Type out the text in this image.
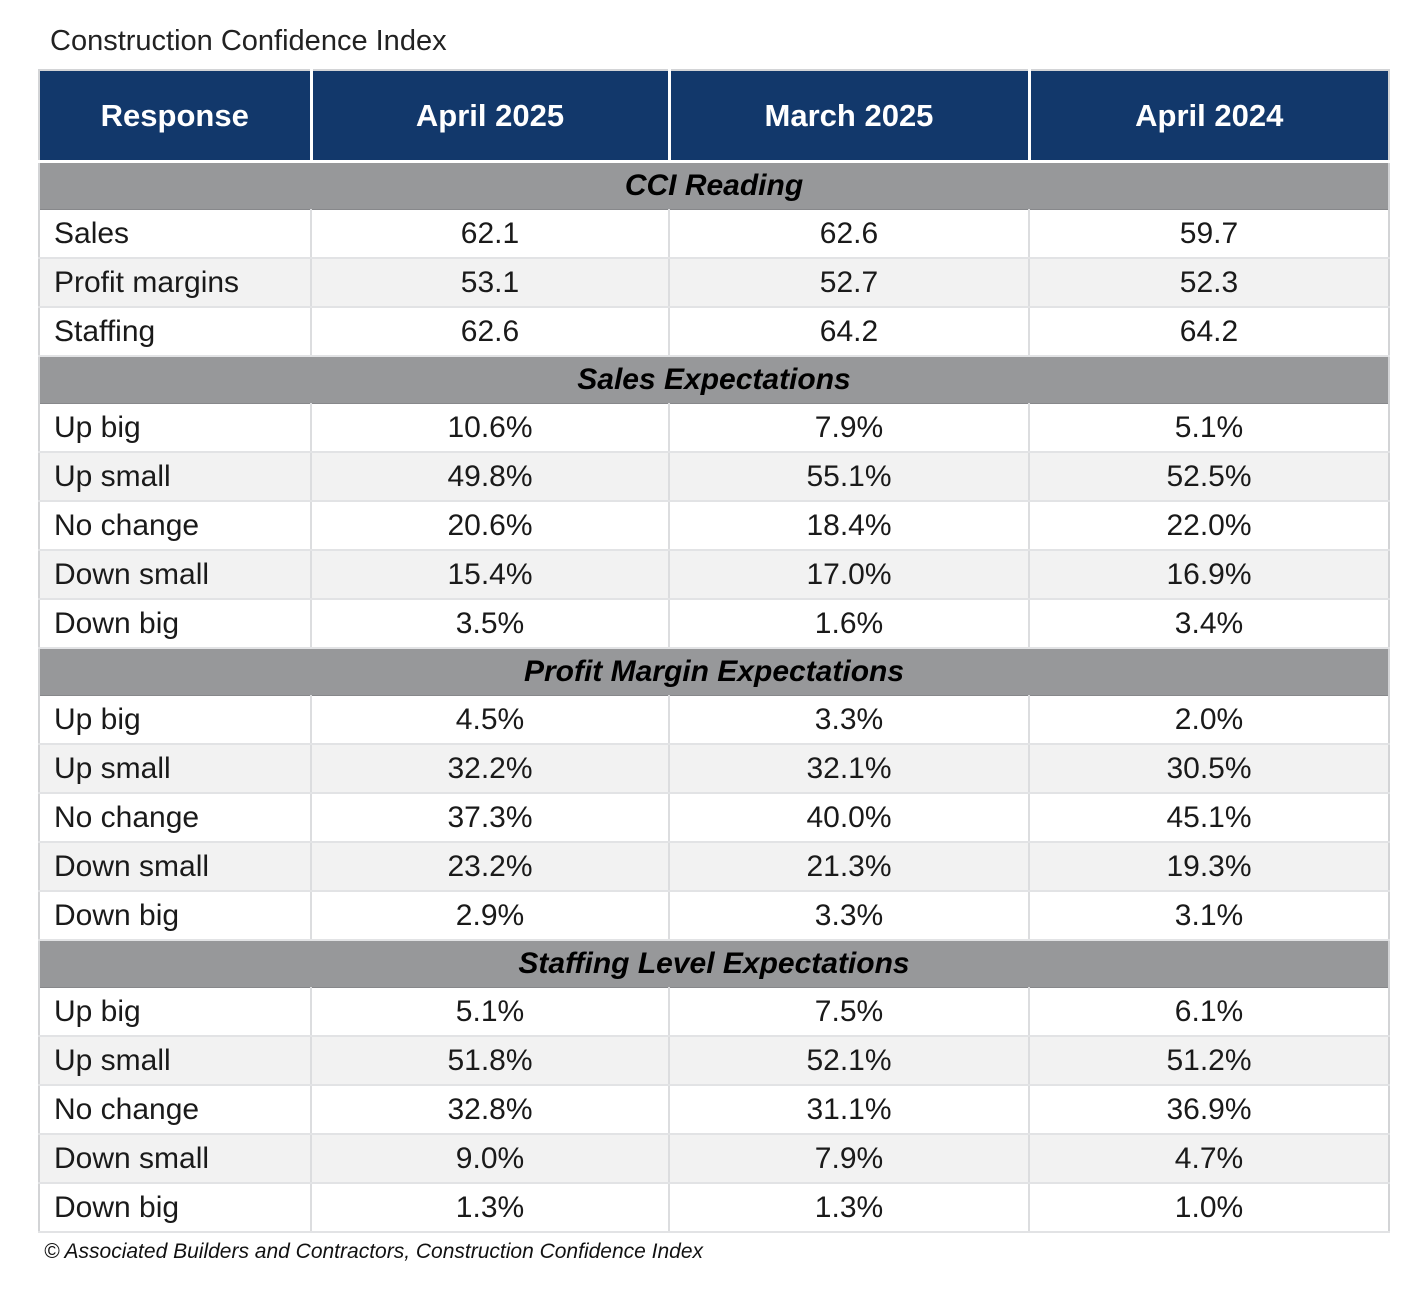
Construction Confidence Index

Response	April 2025	March 2025	April 2024
CCI Reading			
Sales	62.1	62.6	59.7
Profit margins	53.1	52.7	52.3
Staffing	62.6	64.2	64.2
Sales Expectations			
Up big	10.6%	7.9%	5.1%
Up small	49.8%	55.1%	52.5%
No change	20.6%	18.4%	22.0%
Down small	15.4%	17.0%	16.9%
Down big	3.5%	1.6%	3.4%
Profit Margin Expectations			
Up big	4.5%	3.3%	2.0%
Up small	32.2%	32.1%	30.5%
No change	37.3%	40.0%	45.1%
Down small	23.2%	21.3%	19.3%
Down big	2.9%	3.3%	3.1%
Staffing Level Expectations			
Up big	5.1%	7.5%	6.1%
Up small	51.8%	52.1%	51.2%
No change	32.8%	31.1%	36.9%
Down small	9.0%	7.9%	4.7%
Down big	1.3%	1.3%	1.0%

© Associated Builders and Contractors, Construction Confidence Index
